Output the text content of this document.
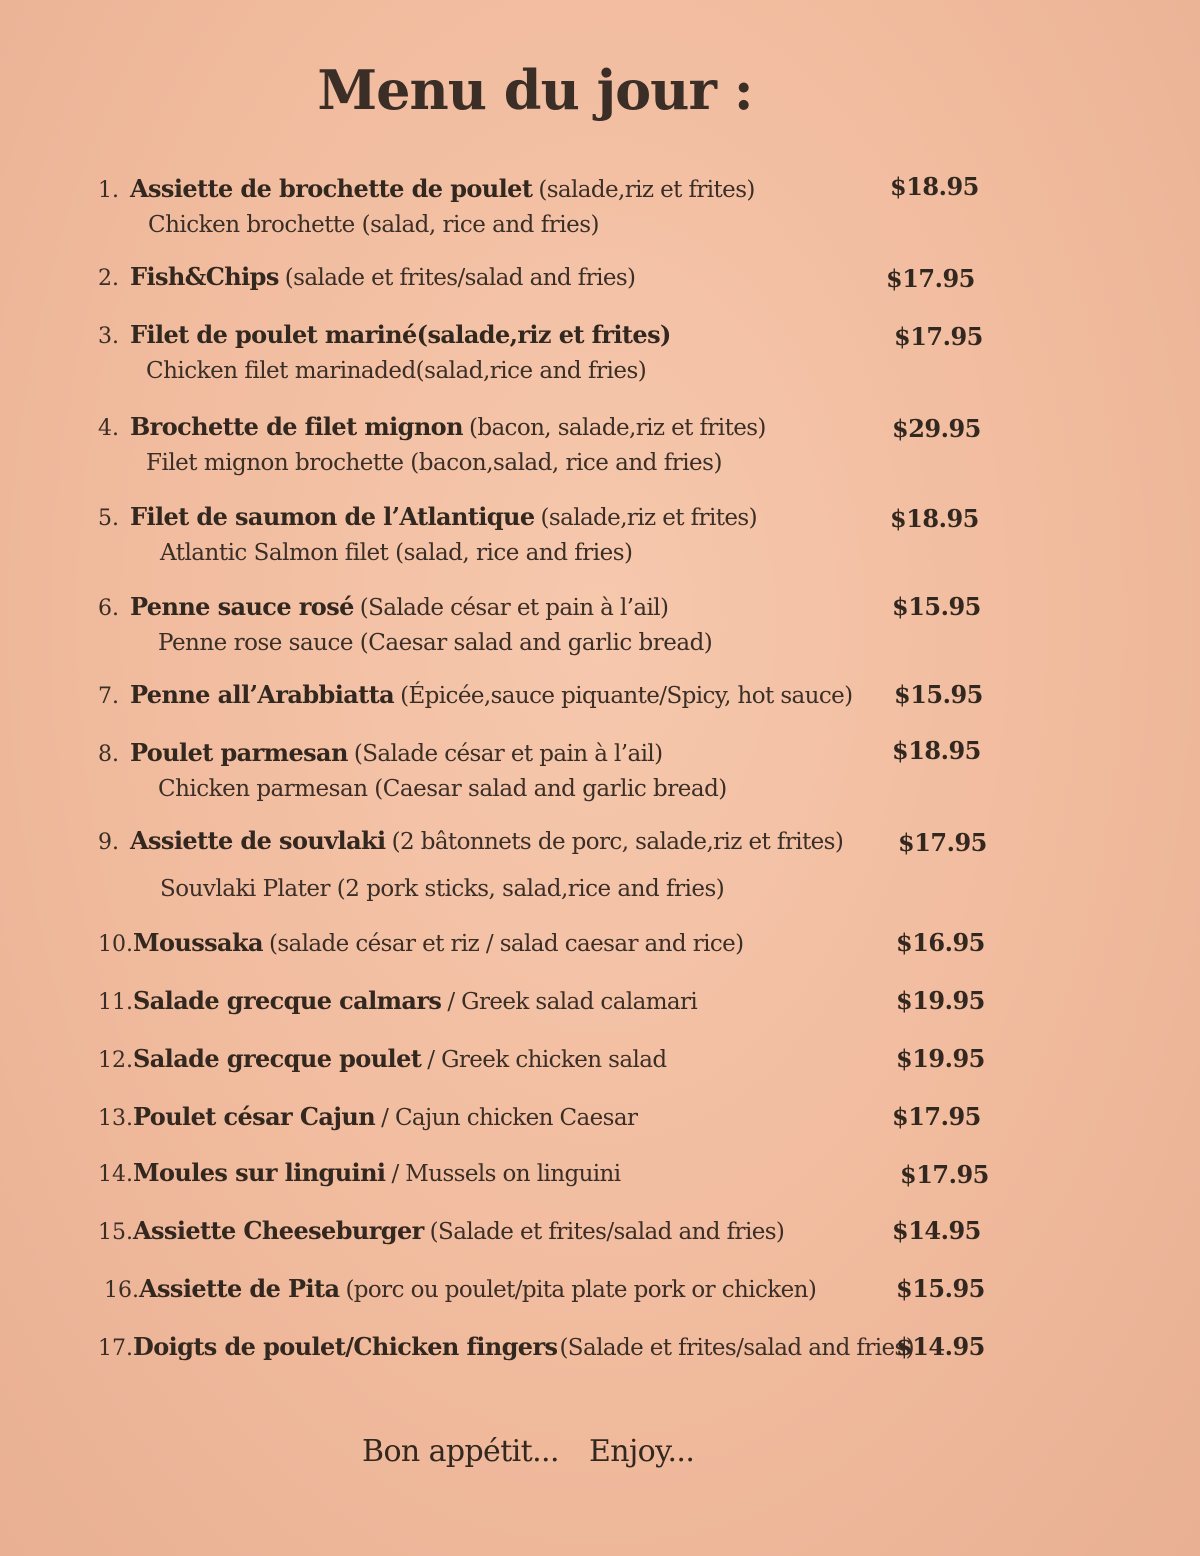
Menu du jour :
1. Assiette de brochette de poulet (salade,riz et frites)
Chicken brochette (salad, rice and fries)
$18.95
2. Fish&Chips (salade et frites/salad and fries)	$17.95
3. Filet de poulet mariné(salade,riz et frites)
Chicken filet marinaded(salad,rice and fries)
$17.95
4. Brochette de filet mignon (bacon, salade,riz et frites)
Filet mignon brochette (bacon,salad, rice and fries)
$29.95
5. Filet de saumon de l’Atlantique (salade,riz et frites)
Atlantic Salmon filet (salad, rice and fries)
$18.95
6. Penne sauce rosé (Salade césar et pain à l’ail)
Penne rose sauce (Caesar salad and garlic bread)
$15.95
7. Penne all’Arabbiatta (Épicée,sauce piquante/Spicy, hot sauce) $15.95
8. Poulet parmesan (Salade césar et pain à l’ail)
Chicken parmesan (Caesar salad and garlic bread)
$18.95
9. Assiette de souvlaki (2 bâtonnets de porc, salade,riz et frites)
Souvlaki Plater (2 pork sticks, salad,rice and fries)
$17.95
10. Moussaka (salade césar et riz / salad caesar and rice)	$16.95
11. Salade grecque calmars / Greek salad calamari	$19.95
12. Salade grecque poulet / Greek chicken salad	$19.95
13. Poulet césar Cajun / Cajun chicken Caesar	$17.95
14. Moules sur linguini / Mussels on linguini	$17.95
15. Assiette Cheeseburger (Salade et frites/salad and fries)	$14.95
16. Assiette de Pita (porc ou poulet/pita plate pork or chicken)	$15.95
17. Doigts de poulet/Chicken fingers (Salade et frites/salad and fries)
$14.95
Bon appétit... Enjoy...
